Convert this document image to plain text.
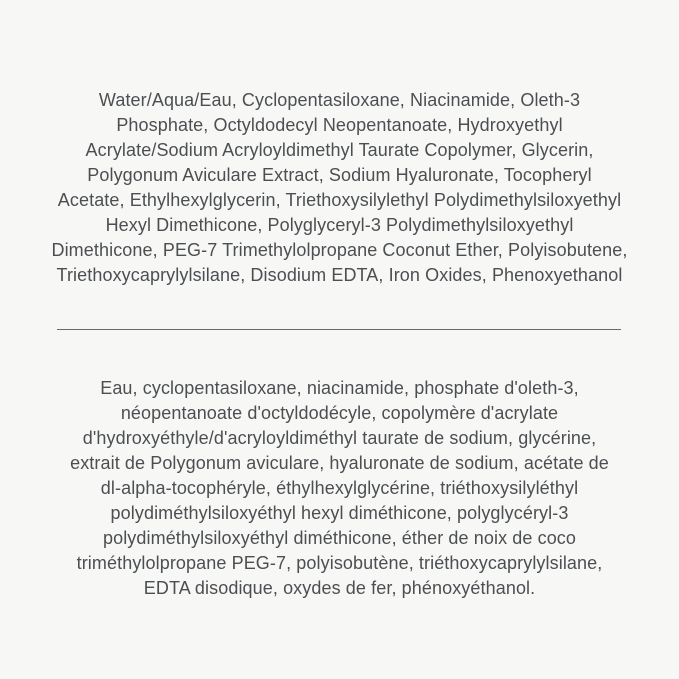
Water/Aqua/Eau, Cyclopentasiloxane, Niacinamide, Oleth-3
Phosphate, Octyldodecyl Neopentanoate, Hydroxyethyl
Acrylate/Sodium Acryloyldimethyl Taurate Copolymer, Glycerin,
Polygonum Aviculare Extract, Sodium Hyaluronate, Tocopheryl
Acetate, Ethylhexylglycerin, Triethoxysilylethyl Polydimethylsiloxyethyl
Hexyl Dimethicone, Polyglyceryl-3 Polydimethylsiloxyethyl
Dimethicone, PEG-7 Trimethylolpropane Coconut Ether, Polyisobutene,
Triethoxycaprylylsilane, Disodium EDTA, Iron Oxides, Phenoxyethanol
Eau, cyclopentasiloxane, niacinamide, phosphate d'oleth-3,
néopentanoate d'octyldodécyle, copolymère d'acrylate
d'hydroxyéthyle/d'acryloyldiméthyl taurate de sodium, glycérine,
extrait de Polygonum aviculare, hyaluronate de sodium, acétate de
dl-alpha-tocophéryle, éthylhexylglycérine, triéthoxysilyléthyl
polydiméthylsiloxyéthyl hexyl diméthicone, polyglycéryl-3
polydiméthylsiloxyéthyl diméthicone, éther de noix de coco
triméthylolpropane PEG-7, polyisobutène, triéthoxycaprylylsilane,
EDTA disodique, oxydes de fer, phénoxyéthanol.
